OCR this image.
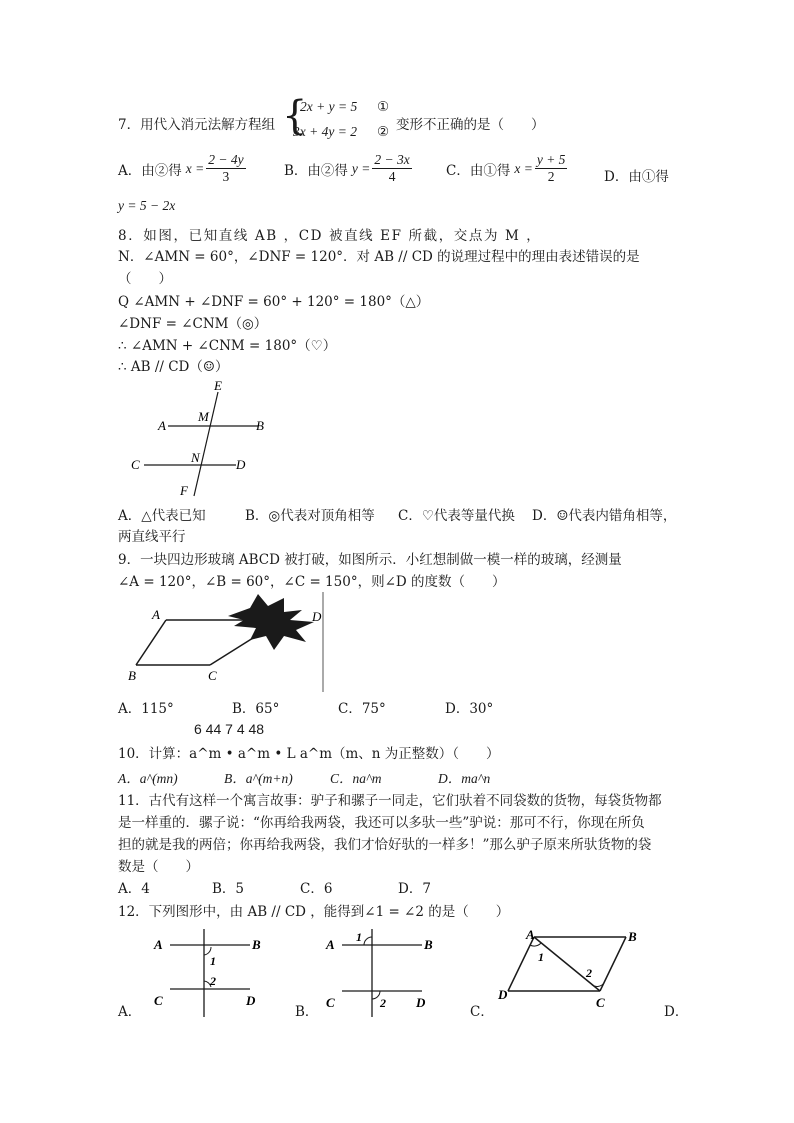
7．用代入消元法解方程组 {
2x + y = 5 ①
3x + 4y = 2 ② 变形不正确的是（　　）
A．由②得 $x = \frac{2 - 4y}{3}$	B．由②得 $y = \frac{2 - 3x}{4}$	C．由①得 $x = \frac{y + 5}{2}$	D．由①得
y = 5 − 2x
8．如图，已知直线 AB ，CD 被直线 EF 所截，交点为 M ，
N．∠AMN = 60°，∠DNF = 120°．对 AB // CD 的说理过程中的理由表述错误的是
（　　）
Q ∠AMN + ∠DNF = 60° + 120° = 180°（△）
∠DNF = ∠CNM（◎）
∴ ∠AMN + ∠CNM = 180°（♡）
∴ AB // CD（☺）
E
M
A	B
N
C	D
F
A．△代表已知	B．◎代表对顶角相等 C．♡代表等量代换 D．☺代表内错角相等，
两直线平行
9．一块四边形玻璃 ABCD 被打破，如图所示．小红想制做一模一样的玻璃，经测量
∠A = 120°，∠B = 60°，∠C = 150°，则∠D 的度数（　　）
A
B	C
D
A．115°	B．65°	C．75°	D．30°
6 44 7 4 48
10．计算：a^m • a^m • L a^m（m、n 为正整数）（　　）
A．a^(mn)	B．a^(m+n)	C．na^m	D．ma^n
11．古代有这样一个寓言故事：驴子和骡子一同走，它们驮着不同袋数的货物，每袋货物都
是一样重的．骡子说：“你再给我两袋，我还可以多驮一些”驴说：那可不行，你现在所负
担的就是我的两倍；你再给我两袋，我们才恰好驮的一样多！”那么驴子原来所驮货物的袋
数是（　　）
A．4	B．5	C．6	D．7
12．下列图形中，由 AB // CD ，能得到∠1 = ∠2 的是（　　）
A	B
C	D
1
2
A．
A	B
C	D
1
2
B．
A	B
C
D
1
2
C．	D．
